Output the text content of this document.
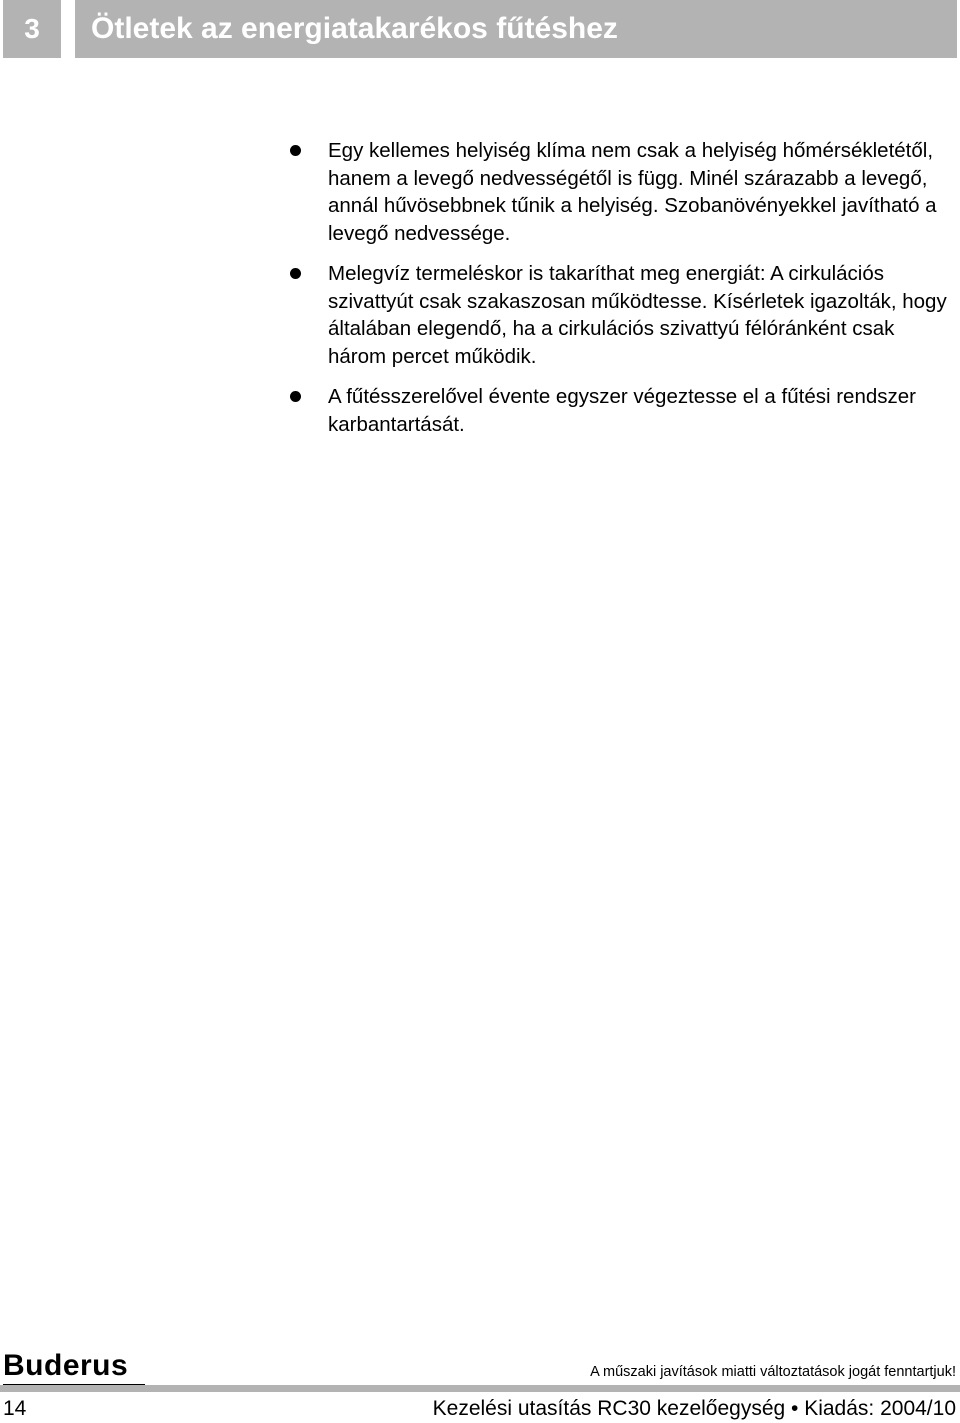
3	Ötletek az energiatakarékos fűtéshez
Egy kellemes helyiség klíma nem csak a helyiség hőmérsékletétől, hanem a levegő nedvességétől is függ. Minél szárazabb a levegő, annál hűvösebbnek tűnik a helyiség. Szobanövényekkel javítható a levegő nedvessége.
Melegvíz termeléskor is takaríthat meg energiát: A cirkulációs szivattyút csak szakaszosan működtesse. Kísérletek igazolták, hogy általában elegendő, ha a cirkulációs szivattyú félóránként csak három percet működik.
A fűtésszerelővel évente egyszer végeztesse el a fűtési rendszer karbantartását.
Buderus	A műszaki javítások miatti változtatások jogát fenntartjuk!
14	Kezelési utasítás RC30 kezelőegység • Kiadás: 2004/10
